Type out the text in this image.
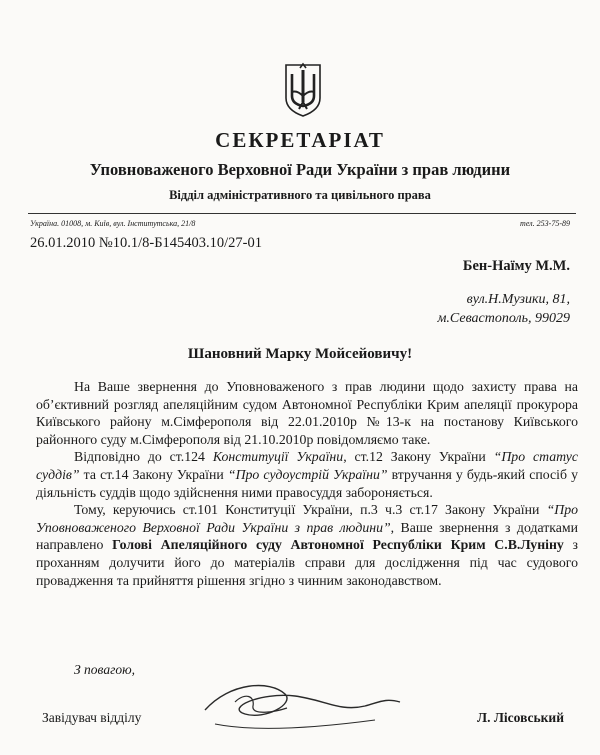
СЕКРЕТАРІАТ
Уповноваженого Верховної Ради України з прав людини
Відділ адміністративного та цивільного права
Україна. 01008, м. Київ, вул. Інститутська, 21/8	тел. 253-75-89
26.01.2010 №10.1/8-Б145403.10/27-01
Бен-Наїму М.М.
вул.Н.Музики, 81,
м.Севастополь, 99029
Шановний Марку Мойсейовичу!

На Ваше звернення до Уповноваженого з прав людини щодо захисту права на об’єктивний розгляд апеляційним судом Автономної Республіки Крим апеляції прокурора Київського району м.Сімферополя від 22.01.2010р №13-к на постанову Київського районного суду м.Сімферополя від 21.10.2010р повідомляємо таке.

Відповідно до ст.124 Конституції України, ст.12 Закону України “Про статус суддів” та ст.14 Закону України “Про судоустрій України” втручання у будь-який спосіб у діяльність суддів щодо здійснення ними правосуддя забороняється.

Тому, керуючись ст.101 Конституції України, п.3 ч.3 ст.17 Закону України “Про Уповноваженого Верховної Ради України з прав людини”, Ваше звернення з додатками направлено Голові Апеляційного суду Автономної Республіки Крим С.В.Луніну з проханням долучити його до матеріалів справи для дослідження під час судового провадження та прийняття рішення згідно з чинним законодавством.

З повагою,
Завідувач відділу	Л. Лісовський
